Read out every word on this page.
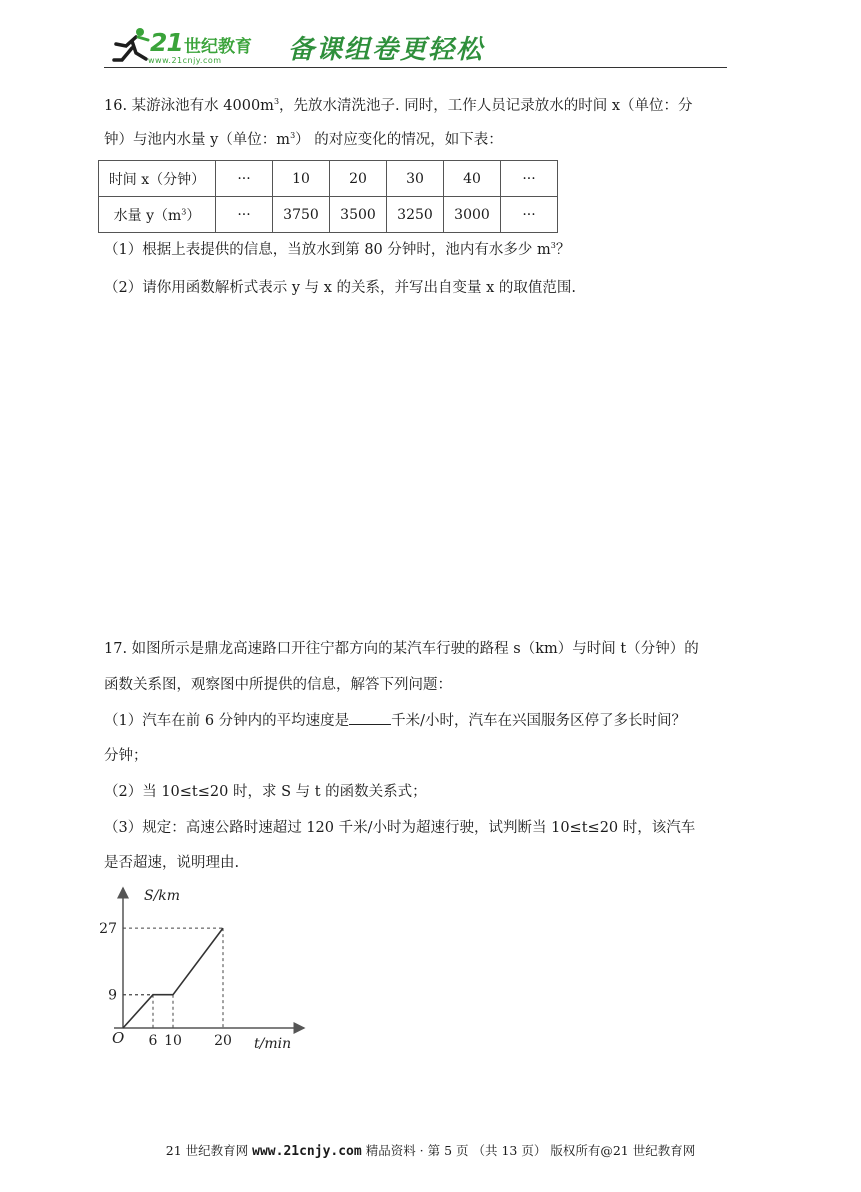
21 世纪教育
www.21cnjy.com	备课组卷更轻松
16. 某游泳池有水 $4000m^3$，先放水清洗池子. 同时，工作人员记录放水的时间 x（单位：分
钟）与池内水量 y（单位：$m^3$） 的对应变化的情况，如下表：
时间 x（分钟）	···	10	20	30	40	···
水量 $y(m^3)$	···	3750	3500	3250	3000	···
（1）根据上表提供的信息，当放水到第 80 分钟时，池内有水多少 $m^3$？
（2）请你用函数解析式表示 y 与 x 的关系，并写出自变量 x 的取值范围.
17. 如图所示是鼎龙高速路口开往宁都方向的某汽车行驶的路程 s（km）与时间 t（分钟）的
函数关系图，观察图中所提供的信息，解答下列问题：
（1）汽车在前 6 分钟内的平均速度是	千米/小时，汽车在兴国服务区停了多长时间？
分钟；
（2）当 10≤t≤20 时，求 S 与 t 的函数关系式；
（3）规定：高速公路时速超过 120 千米/小时为超速行驶，试判断当 10≤t≤20 时，该汽车
是否超速，说明理由.
S/km
t/min
O 6 10 20
9
27
21 世纪教育网 www.21cnjy.com 精品资料 · 第 5 页 （共 13 页） 版权所有@21 世纪教育网
